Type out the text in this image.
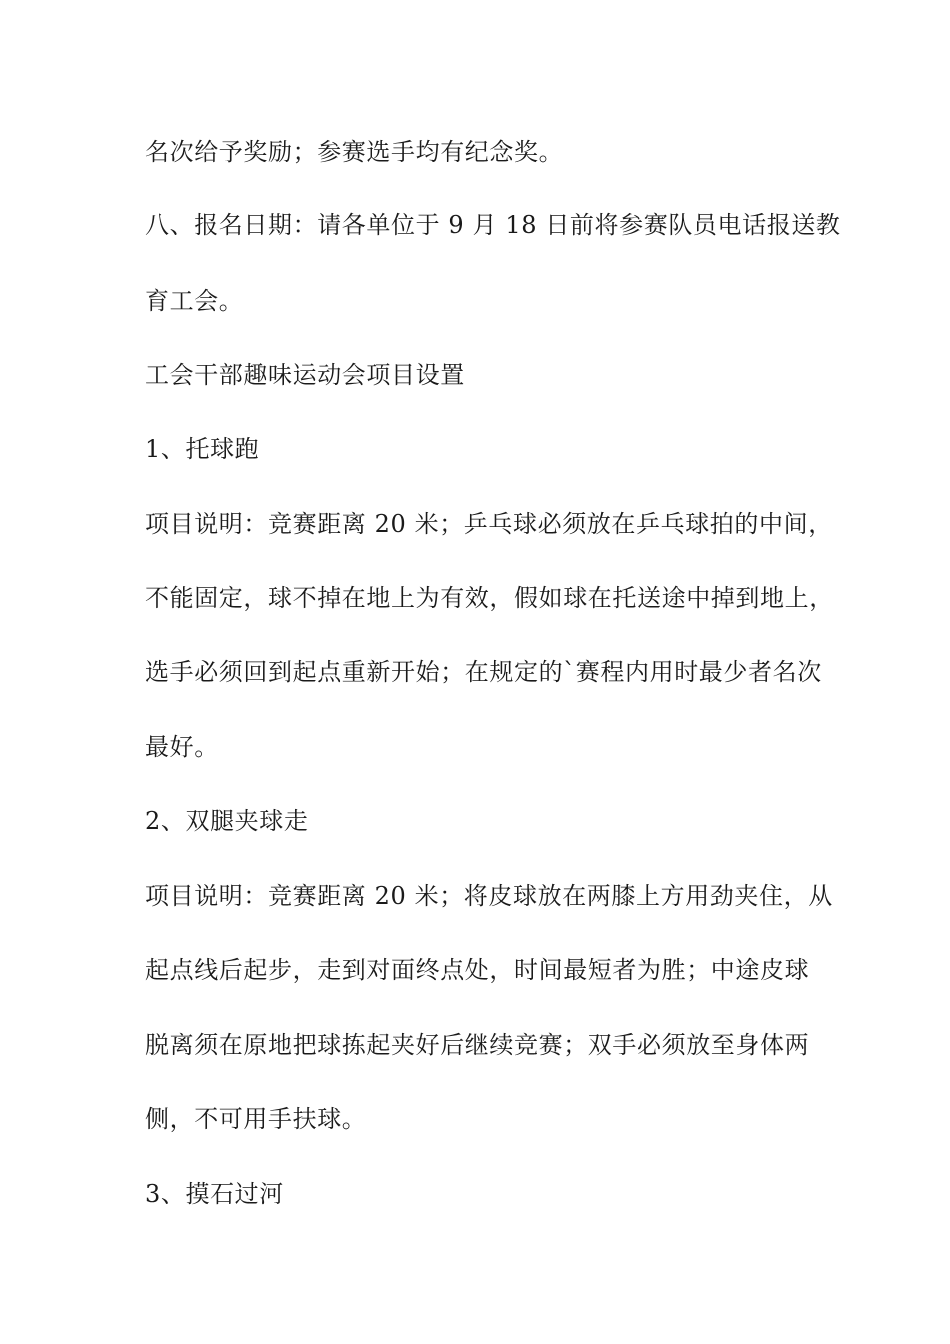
名次给予奖励；参赛选手均有纪念奖。
八、报名日期：请各单位于 9 月 18 日前将参赛队员电话报送教
育工会。
工会干部趣味运动会项目设置
1、托球跑
项目说明：竞赛距离 20 米；乒乓球必须放在乒乓球拍的中间，
不能固定，球不掉在地上为有效，假如球在托送途中掉到地上，
选手必须回到起点重新开始；在规定的`赛程内用时最少者名次
最好。
2、双腿夹球走
项目说明：竞赛距离 20 米；将皮球放在两膝上方用劲夹住，从
起点线后起步，走到对面终点处，时间最短者为胜；中途皮球
脱离须在原地把球拣起夹好后继续竞赛；双手必须放至身体两
侧，不可用手扶球。
3、摸石过河
